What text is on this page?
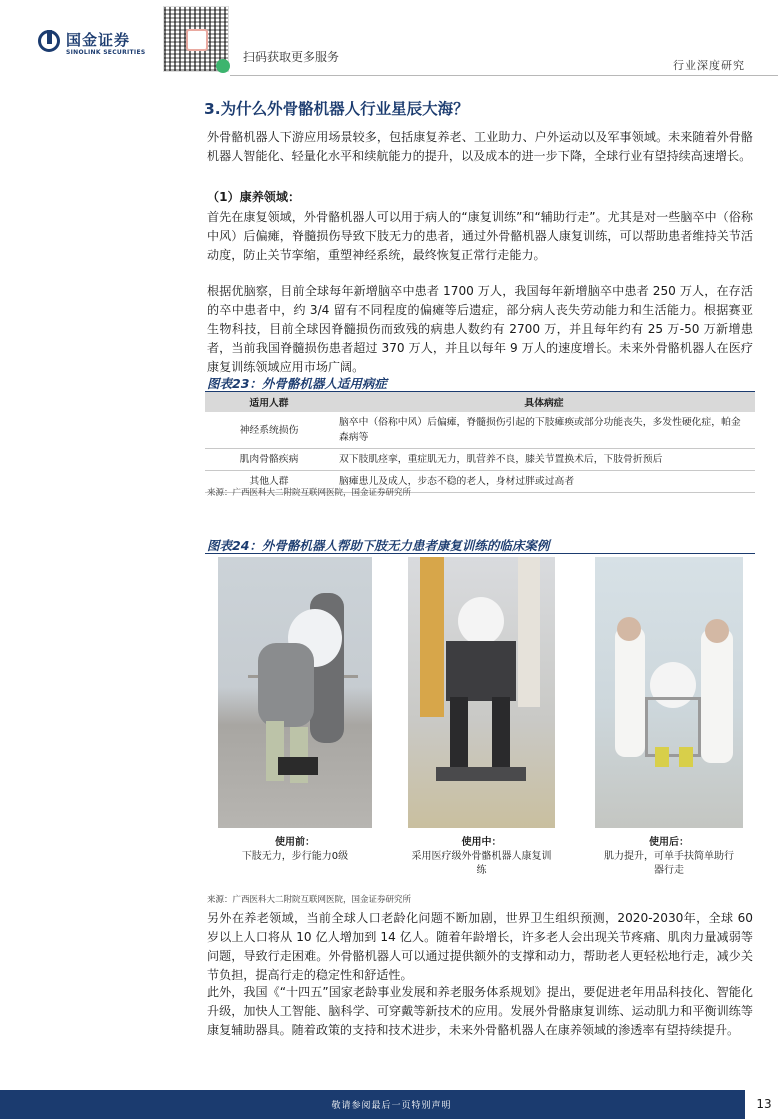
国金证券
SINOLINK SECURITIES	扫码获取更多服务
行业深度研究
3.为什么外骨骼机器人行业星辰大海？
外骨骼机器人下游应用场景较多，包括康复养老、工业助力、户外运动以及军事领域。未来随着外骨骼机器人智能化、轻量化水平和续航能力的提升，以及成本的进一步下降，全球行业有望持续高速增长。
（1）康养领域：
首先在康复领域，外骨骼机器人可以用于病人的“康复训练”和“辅助行走”。尤其是对一些脑卒中（俗称中风）后偏瘫，脊髓损伤导致下肢无力的患者，通过外骨骼机器人康复训练，可以帮助患者维持关节活动度，防止关节挛缩，重塑神经系统，最终恢复正常行走能力。
根据优脑察，目前全球每年新增脑卒中患者 1700 万人，我国每年新增脑卒中患者 250 万人，在存活的卒中患者中，约 3/4 留有不同程度的偏瘫等后遗症，部分病人丧失劳动能力和生活能力。根据赛亚生物科技，目前全球因脊髓损伤而致残的病患人数约有 2700 万，并且每年约有 25 万-50 万新增患者，当前我国脊髓损伤患者超过 370 万人，并且以每年 9 万人的速度增长。未来外骨骼机器人在医疗康复训练领域应用市场广阔。
图表23：外骨骼机器人适用病症
适用人群	具体病症
神经系统损伤	脑卒中（俗称中风）后偏瘫，脊髓损伤引起的下肢瘫痪或部分功能丧失，多发性硬化症，帕金森病等
肌肉骨骼疾病	双下肢肌痉挛，重症肌无力，肌营养不良，膝关节置换术后，下肢骨折预后
其他人群	脑瘫患儿及成人，步态不稳的老人，身材过胖或过高者
来源：广西医科大二附院互联网医院，国金证券研究所
图表24：外骨骼机器人帮助下肢无力患者康复训练的临床案例
使用前：
下肢无力，步行能力0级
使用中：
采用医疗级外骨骼机器人康复训练
使用后：
肌力提升，可单手扶简单助行器行走
来源：广西医科大二附院互联网医院，国金证券研究所
另外在养老领域，当前全球人口老龄化问题不断加剧，世界卫生组织预测，2020-2030年，全球 60 岁以上人口将从 10 亿人增加到 14 亿人。随着年龄增长，许多老人会出现关节疼痛、肌肉力量减弱等问题，导致行走困难。外骨骼机器人可以通过提供额外的支撑和动力，帮助老人更轻松地行走，减少关节负担，提高行走的稳定性和舒适性。
此外，我国《“十四五”国家老龄事业发展和养老服务体系规划》提出，要促进老年用品科技化、智能化升级，加快人工智能、脑科学、可穿戴等新技术的应用。发展外骨骼康复训练、运动肌力和平衡训练等康复辅助器具。随着政策的支持和技术进步，未来外骨骼机器人在康养领域的渗透率有望持续提升。
敬请参阅最后一页特别声明	13
